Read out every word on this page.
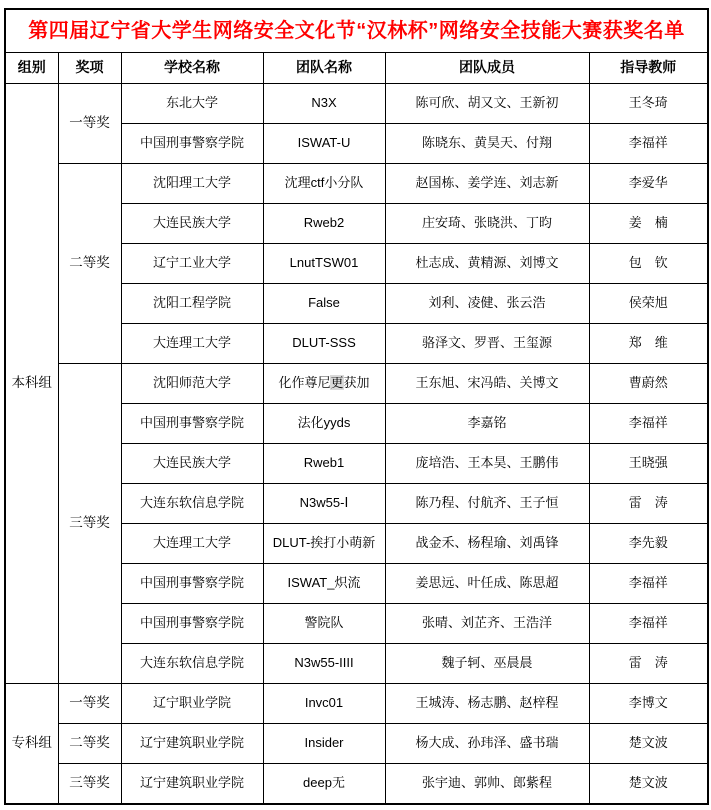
第四届辽宁省大学生网络安全文化节“汉林杯”网络安全技能大赛获奖名单					
组别	奖项	学校名称	团队名称	团队成员	指导教师
本科组	一等奖	东北大学	N3X	陈可欣、胡又文、王新初	王冬琦
		中国刑事警察学院	ISWAT-U	陈晓东、黄昊天、付翔	李福祥
	二等奖	沈阳理工大学	沈理ctf小分队	赵国栋、姜学连、刘志新	李爱华
		大连民族大学	Rweb2	庄安琦、张晓洪、丁昀	姜　楠
		辽宁工业大学	LnutTSW01	杜志成、黄精源、刘博文	包　钦
		沈阳工程学院	False	刘利、凌健、张云浩	侯荣旭
		大连理工大学	DLUT-SSS	骆泽文、罗晋、王玺源	郑　维
	三等奖	沈阳师范大学	化作尊尼更获加	王东旭、宋冯皓、关博文	曹蔚然
		中国刑事警察学院	法化yyds	李嘉铭	李福祥
		大连民族大学	Rweb1	庞培浩、王本昊、王鹏伟	王晓强
		大连东软信息学院	N3w55-Ⅰ	陈乃程、付航齐、王子恒	雷　涛
		大连理工大学	DLUT-挨打小萌新	战金禾、杨程瑜、刘禹锋	李先毅
		中国刑事警察学院	ISWAT_炽流	姜思远、叶任成、陈思超	李福祥
		中国刑事警察学院	警院队	张晴、刘芷齐、王浩洋	李福祥
		大连东软信息学院	N3w55-IIII	魏子轲、巫晨晨	雷　涛
专科组	一等奖	辽宁职业学院	Invc01	王城涛、杨志鹏、赵梓程	李博文
	二等奖	辽宁建筑职业学院	Insider	杨大成、孙玮泽、盛书瑞	楚文波
	三等奖	辽宁建筑职业学院	deep无	张宇迪、郭帅、郎紫程	楚文波
